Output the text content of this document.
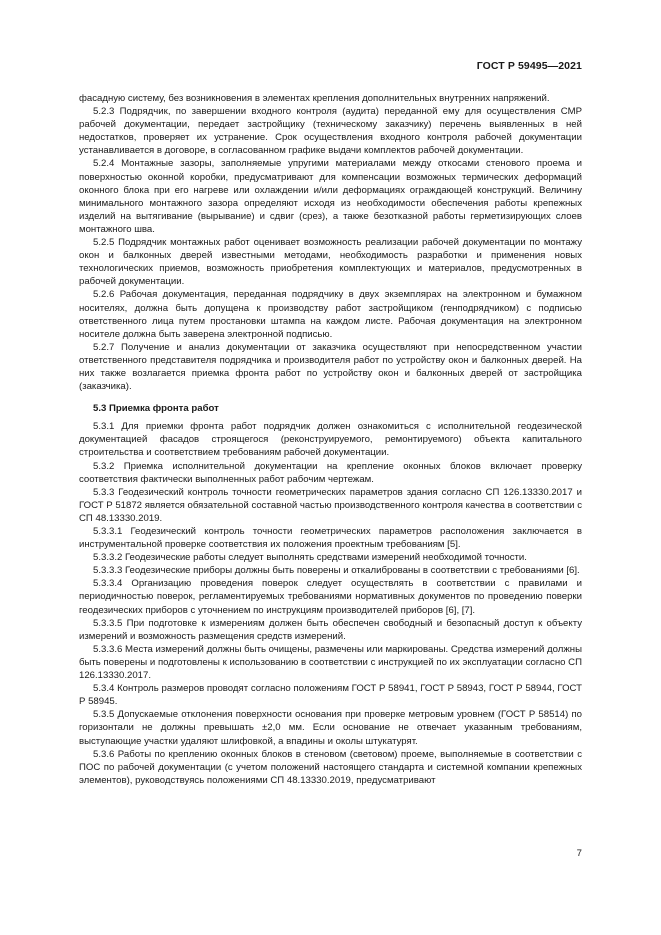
ГОСТ Р 59495—2021

фасадную систему, без возникновения в элементах крепления дополнительных внутренних напряжений.

5.2.3 Подрядчик, по завершении входного контроля (аудита) переданной ему для осуществления СМР рабочей документации, передает застройщику (техническому заказчику) перечень выявленных в ней недостатков, проверяет их устранение. Срок осуществления входного контроля рабочей документации устанавливается в договоре, в согласованном графике выдачи комплектов рабочей документации.

5.2.4 Монтажные зазоры, заполняемые упругими материалами между откосами стенового проема и поверхностью оконной коробки, предусматривают для компенсации возможных термических деформаций оконного блока при его нагреве или охлаждении и/или деформациях ограждающей конструкций. Величину минимального монтажного зазора определяют исходя из необходимости обеспечения работы крепежных изделий на вытягивание (вырывание) и сдвиг (срез), а также безотказной работы герметизирующих слоев монтажного шва.

5.2.5 Подрядчик монтажных работ оценивает возможность реализации рабочей документации по монтажу окон и балконных дверей известными методами, необходимость разработки и применения новых технологических приемов, возможность приобретения комплектующих и материалов, предусмотренных в рабочей документации.

5.2.6 Рабочая документация, переданная подрядчику в двух экземплярах на электронном и бумажном носителях, должна быть допущена к производству работ застройщиком (генподрядчиком) с подписью ответственного лица путем простановки штампа на каждом листе. Рабочая документация на электронном носителе должна быть заверена электронной подписью.

5.2.7 Получение и анализ документации от заказчика осуществляют при непосредственном участии ответственного представителя подрядчика и производителя работ по устройству окон и балконных дверей. На них также возлагается приемка фронта работ по устройству окон и балконных дверей от застройщика (заказчика).

5.3 Приемка фронта работ

5.3.1 Для приемки фронта работ подрядчик должен ознакомиться с исполнительной геодезической документацией фасадов строящегося (реконструируемого, ремонтируемого) объекта капитального строительства и соответствием требованиям рабочей документации.

5.3.2 Приемка исполнительной документации на крепление оконных блоков включает проверку соответствия фактически выполненных работ рабочим чертежам.

5.3.3 Геодезический контроль точности геометрических параметров здания согласно СП 126.13330.2017 и ГОСТ Р 51872 является обязательной составной частью производственного контроля качества в соответствии с СП 48.13330.2019.

5.3.3.1 Геодезический контроль точности геометрических параметров расположения заключается в инструментальной проверке соответствия их положения проектным требованиям [5].

5.3.3.2 Геодезические работы следует выполнять средствами измерений необходимой точности.

5.3.3.3 Геодезические приборы должны быть поверены и откалиброваны в соответствии с требованиями [6].

5.3.3.4 Организацию проведения поверок следует осуществлять в соответствии с правилами и периодичностью поверок, регламентируемых требованиями нормативных документов по проведению поверки геодезических приборов с уточнением по инструкциям производителей приборов [6], [7].

5.3.3.5 При подготовке к измерениям должен быть обеспечен свободный и безопасный доступ к объекту измерений и возможность размещения средств измерений.

5.3.3.6 Места измерений должны быть очищены, размечены или маркированы. Средства измерений должны быть поверены и подготовлены к использованию в соответствии с инструкцией по их эксплуатации согласно СП 126.13330.2017.

5.3.4 Контроль размеров проводят согласно положениям ГОСТ Р 58941, ГОСТ Р 58943, ГОСТ Р 58944, ГОСТ Р 58945.

5.3.5 Допускаемые отклонения поверхности основания при проверке метровым уровнем (ГОСТ Р 58514) по горизонтали не должны превышать ±2,0 мм. Если основание не отвечает указанным требованиям, выступающие участки удаляют шлифовкой, а впадины и околы штукатурят.

5.3.6 Работы по креплению оконных блоков в стеновом (световом) проеме, выполняемые в соответствии с ПОС по рабочей документации (с учетом положений настоящего стандарта и системной компании крепежных элементов), руководствуясь положениями СП 48.13330.2019, предусматривают

7
